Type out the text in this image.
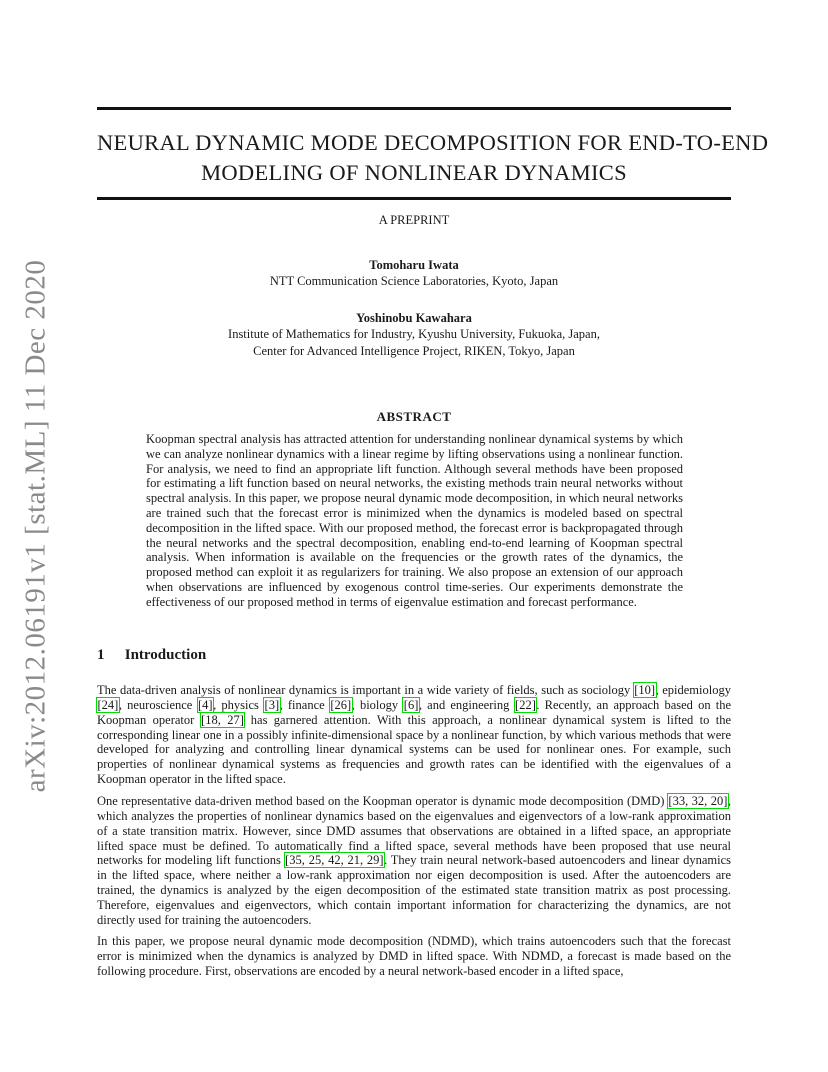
arXiv:2012.06191v1 [stat.ML] 11 Dec 2020
NEURAL DYNAMIC MODE DECOMPOSITION FOR END-TO-END
MODELING OF NONLINEAR DYNAMICS
A PREPRINT
Tomoharu Iwata
NTT Communication Science Laboratories, Kyoto, Japan
Yoshinobu Kawahara
Institute of Mathematics for Industry, Kyushu University, Fukuoka, Japan,
Center for Advanced Intelligence Project, RIKEN, Tokyo, Japan
ABSTRACT

Koopman spectral analysis has attracted attention for understanding nonlinear dynamical systems by which we can analyze nonlinear dynamics with a linear regime by lifting observations using a nonlinear function. For analysis, we need to find an appropriate lift function. Although several methods have been proposed for estimating a lift function based on neural networks, the existing methods train neural networks without spectral analysis. In this paper, we propose neural dynamic mode decomposition, in which neural networks are trained such that the forecast error is minimized when the dynamics is modeled based on spectral decomposition in the lifted space. With our proposed method, the forecast error is backpropagated through the neural networks and the spectral decomposition, enabling end-to-end learning of Koopman spectral analysis. When information is available on the frequencies or the growth rates of the dynamics, the proposed method can exploit it as regularizers for training. We also propose an extension of our approach when observations are influenced by exogenous control time-series. Our experiments demonstrate the effectiveness of our proposed method in terms of eigenvalue estimation and forecast performance.

1 Introduction

The data-driven analysis of nonlinear dynamics is important in a wide variety of fields, such as sociology [10], epidemiology [24], neuroscience [4], physics [3], finance [26], biology [6], and engineering [22]. Recently, an approach based on the Koopman operator [18, 27] has garnered attention. With this approach, a nonlinear dynamical system is lifted to the corresponding linear one in a possibly infinite-dimensional space by a nonlinear function, by which various methods that were developed for analyzing and controlling linear dynamical systems can be used for nonlinear ones. For example, such properties of nonlinear dynamical systems as frequencies and growth rates can be identified with the eigenvalues of a Koopman operator in the lifted space.

One representative data-driven method based on the Koopman operator is dynamic mode decomposition (DMD) [33, 32, 20], which analyzes the properties of nonlinear dynamics based on the eigenvalues and eigenvectors of a low-rank approximation of a state transition matrix. However, since DMD assumes that observations are obtained in a lifted space, an appropriate lifted space must be defined. To automatically find a lifted space, several methods have been proposed that use neural networks for modeling lift functions [35, 25, 42, 21, 29]. They train neural network-based autoencoders and linear dynamics in the lifted space, where neither a low-rank approximation nor eigen decomposition is used. After the autoencoders are trained, the dynamics is analyzed by the eigen decomposition of the estimated state transition matrix as post processing. Therefore, eigenvalues and eigenvectors, which contain important information for characterizing the dynamics, are not directly used for training the autoencoders.

In this paper, we propose neural dynamic mode decomposition (NDMD), which trains autoencoders such that the forecast error is minimized when the dynamics is analyzed by DMD in lifted space. With NDMD, a forecast is made based on the following procedure. First, observations are encoded by a neural network-based encoder in a lifted space,
